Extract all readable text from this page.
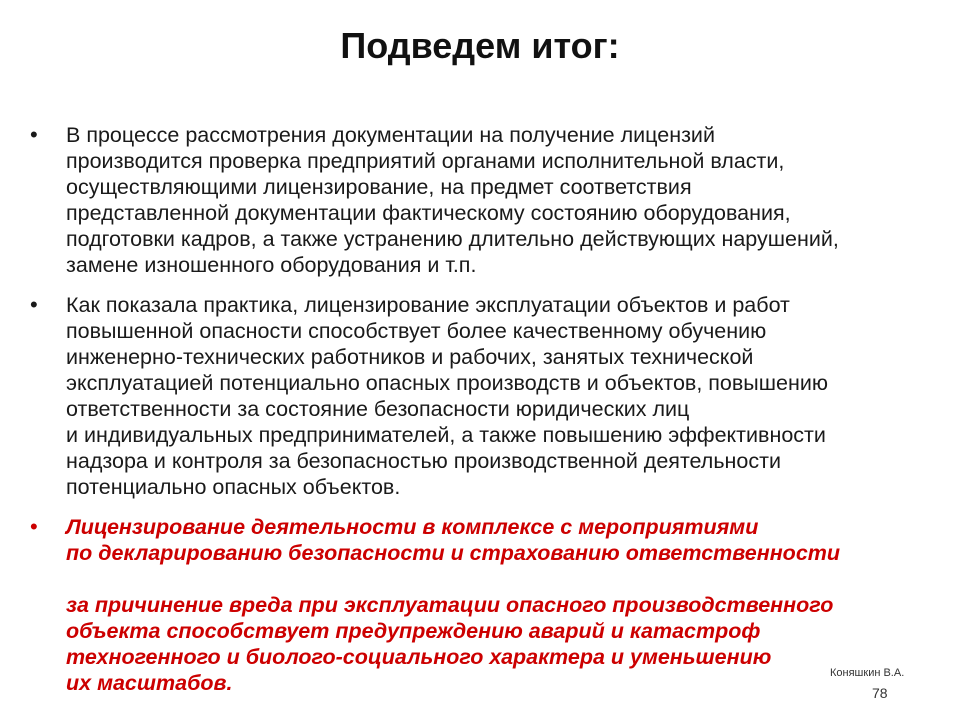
Подведем итог:
• В процессе рассмотрения документации на получение лицензий
производится проверка предприятий органами исполнительной власти,
осуществляющими лицензирование, на предмет соответствия
представленной документации фактическому состоянию оборудования,
подготовки кадров, а также устранению длительно действующих нарушений,
замене изношенного оборудования и т.п.
• Как показала практика, лицензирование эксплуатации объектов и работ
повышенной опасности способствует более качественному обучению
инженерно-технических работников и рабочих, занятых технической
эксплуатацией потенциально опасных производств и объектов, повышению
ответственности за состояние безопасности юридических лиц
и индивидуальных предпринимателей, а также повышению эффективности
надзора и контроля за безопасностью производственной деятельности
потенциально опасных объектов.
• Лицензирование деятельности в комплексе с мероприятиями
по декларированию безопасности и страхованию ответственности

за причинение вреда при эксплуатации опасного производственного
объекта способствует предупреждению аварий и катастроф
техногенного и биолого-социального характера и уменьшению
их масштабов.	Коняшкин В.А.
78
